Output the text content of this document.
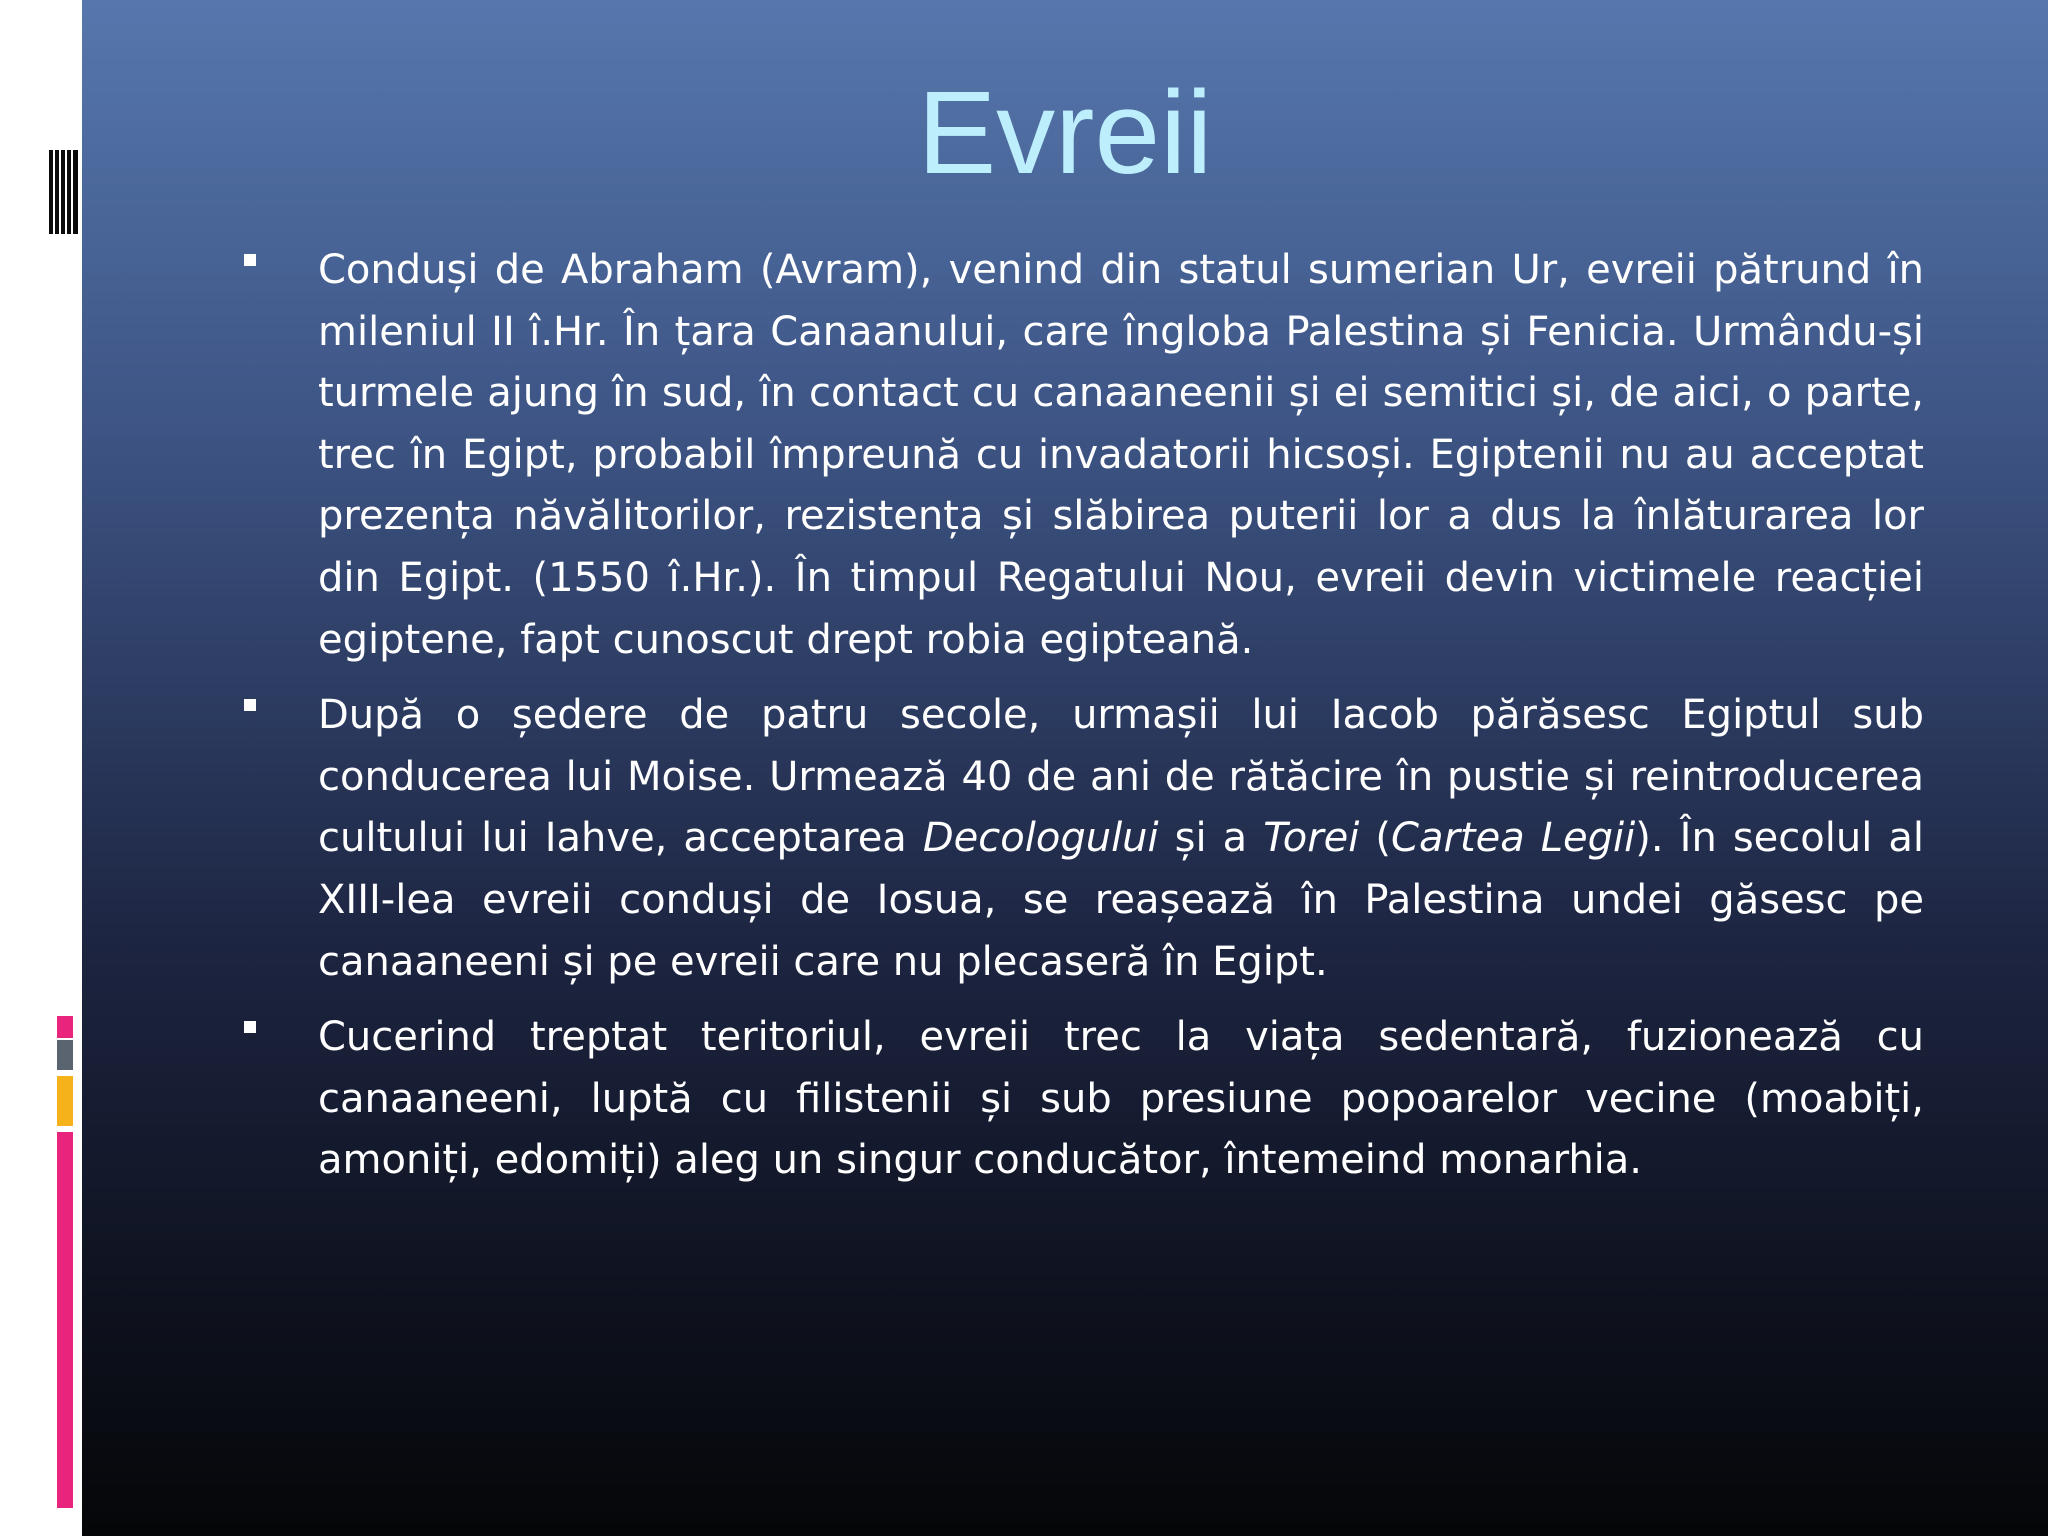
Evreii
Conduși de Abraham (Avram), venind din statul sumerian Ur, evreii pătrund în mileniul II î.Hr. În țara Canaanului, care îngloba Palestina și Fenicia. Urmându-și turmele ajung în sud, în contact cu canaaneenii și ei semitici și, de aici, o parte, trec în Egipt, probabil împreună cu invadatorii hicsoși. Egiptenii nu au acceptat prezența năvălitorilor, rezistența și slăbirea puterii lor a dus la înlăturarea lor din Egipt. (1550 î.Hr.). În timpul Regatului Nou, evreii devin victimele reacției egiptene, fapt cunoscut drept robia egipteană.
După o ședere de patru secole, urmașii lui Iacob părăsesc Egiptul sub conducerea lui Moise. Urmează 40 de ani de rătăcire în pustie și reintroducerea cultului lui Iahve, acceptarea Decologului și a Torei (Cartea Legii). În secolul al XIII-lea evreii conduși de Iosua, se reașează în Palestina undei găsesc pe canaaneeni și pe evreii care nu plecaseră în Egipt.
Cucerind treptat teritoriul, evreii trec la viața sedentară, fuzionează cu canaaneeni, luptă cu filistenii și sub presiune popoarelor vecine (moabiți, amoniți, edomiți) aleg un singur conducător, întemeind monarhia.
